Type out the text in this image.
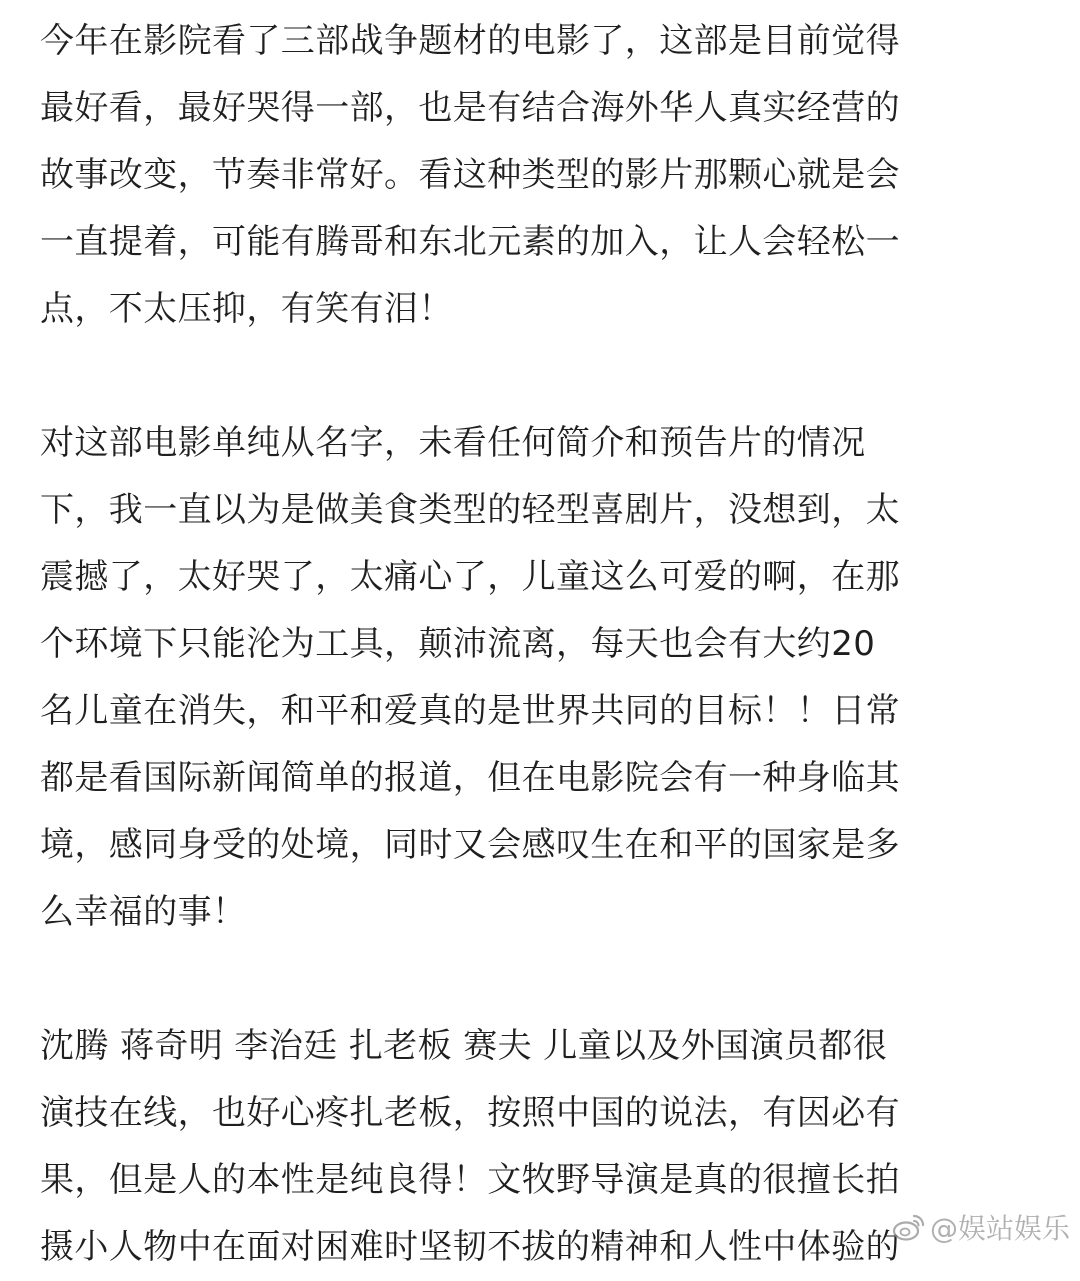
今年在影院看了三部战争题材的电影了，这部是目前觉得
最好看，最好哭得一部，也是有结合海外华人真实经营的
故事改变，节奏非常好。看这种类型的影片那颗心就是会
一直提着，可能有腾哥和东北元素的加入，让人会轻松一
点，不太压抑，有笑有泪！
对这部电影单纯从名字，未看任何简介和预告片的情况
下，我一直以为是做美食类型的轻型喜剧片，没想到，太
震撼了，太好哭了，太痛心了，儿童这么可爱的啊，在那
个环境下只能沦为工具，颠沛流离，每天也会有大约20
名儿童在消失，和平和爱真的是世界共同的目标！！日常
都是看国际新闻简单的报道，但在电影院会有一种身临其
境，感同身受的处境，同时又会感叹生在和平的国家是多
么幸福的事！
沈腾 蒋奇明 李治廷 扎老板 赛夫 儿童以及外国演员都很
演技在线，也好心疼扎老板，按照中国的说法，有因必有
果，但是人的本性是纯良得！文牧野导演是真的很擅长拍
摄小人物中在面对困难时坚韧不拔的精神和人性中体验的	@娱站娱乐
